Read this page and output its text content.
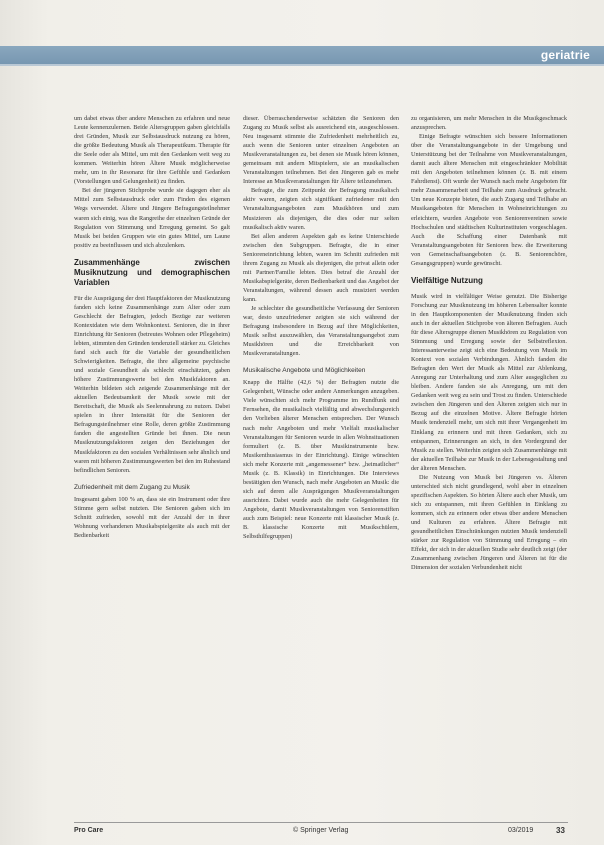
geriatrie

um dabei etwas über andere Menschen zu erfahren und neue Leute kennenzulernen. Beide Altersgruppen gaben gleichfalls drei Gründen, Musik zur Selbstausdruck nutzung zu hören, die größte Bedeutung Musik als Therapeutikum. Therapie für die Seele oder als Mittel, um mit den Gedanken weit weg zu kommen. Weiterhin hören Ältere Musik möglicherweise mehr, um in ihr Resonanz für ihre Gefühle und Gedanken (Vorstellungen und Gelungenheit) zu finden.

Bei der jüngeren Stichprobe wurde sie dagegen eher als Mittel zum Selbstausdruck oder zum Finden des eigenen Wegs verwendet. Ältere und Jüngere Befragungsteilnehmer waren sich einig, was die Rangreihe der einzelnen Gründe der Regulation von Stimmung und Erregung gemeint. So galt Musik bei beiden Gruppen wie ein gutes Mittel, um Laune positiv zu beeinflussen und sich abzulenken.

Zusammenhänge zwischen Musiknutzung und demographischen Variablen

Für die Ausprägung der drei Hauptfaktoren der Musiknutzung fanden sich keine Zusammenhänge zum Alter oder zum Geschlecht der Befragten, jedoch Bezüge zur weiteren Kontextdaten wie dem Wohnkontext. Senioren, die in ihrer Einrichtung für Senioren (betreutes Wohnen oder Pflegeheim) lebten, stimmten den Gründen tendenziell stärker zu. Gleiches fand sich auch für die Variable der gesundheitlichen Schwierigkeiten. Befragte, die ihre allgemeine psychische und soziale Gesundheit als schlecht einschätzten, gaben höhere Zustimmungswerte bei den Musikfaktoren an. Weiterhin bildeten sich zeigende Zusammenhänge mit der aktuellen Bedeutsamkeit der Musik sowie mit der Bereitschaft, die Musik als Seelennahrung zu nutzen. Dabei spielen in ihrer Intensität für die Senioren der Befragungsteilnehmer eine Rolle, deren größte Zustimmung fanden die angestellten Gründe bei ihnen. Die neun Musiknutzungsfaktoren zeigen den Beziehungen der Musikfaktoren zu den sozialen Verhältnissen sehr ähnlich und waren mit höheren Zustimmungswerten bei den im Ruhestand befindlichen Senioren.

Zufriedenheit mit dem Zugang zu Musik

Insgesamt gaben 100 % an, dass sie ein Instrument oder ihre Stimme gern selbst nutzten. Die Senioren gaben sich im Schnitt zufrieden, sowohl mit der Anzahl der in ihrer Wohnung vorhandenen Musikabspielgeräte als auch mit der Bedienbarkeit

dieser. Überraschenderweise schätzten die Senioren den Zugang zu Musik selbst als ausreichend ein, ausgeschlossen. Neu insgesamt stimmte die Zufriedenheit mehrheitlich zu, auch wenn die Senioren unter einzelnen Angeboten an Musikveranstaltungen zu, bei denen sie Musik hören können, gemeinsam mit andern Mitspielern, sie an musikalischen Veranstaltungen teilnehmen. Bei den Jüngeren gab es mehr Interesse an Musikveranstaltungen für Ältere teilzunehmen.

Befragte, die zum Zeitpunkt der Befragung musikalisch aktiv waren, zeigten sich signifikant zufriedener mit den Veranstaltungsangeboten zum Musikhören und zum Musizieren als diejenigen, die dies oder nur selten musikalisch aktiv waren.

Bei allen anderen Aspekten gab es keine Unterschiede zwischen den Subgruppen. Befragte, die in einer Senioreneinrichtung lebten, waren im Schnitt zufrieden mit ihrem Zugang zu Musik als diejenigen, die privat allein oder mit Partner/Familie lebten. Dies betraf die Anzahl der Musikabspielgeräte, deren Bedienbarkeit und das Angebot der Veranstaltungen, während dessen auch musiziert werden kann.

Je schlechter die gesundheitliche Verfassung der Senioren war, desto unzufriedener zeigten sie sich während der Befragung insbesondere in Bezug auf ihre Möglichkeiten, Musik selbst auszuwählen, das Veranstaltungsangebot zum Musikhören und die Erreichbarkeit von Musikveranstaltungen.

Musikalische Angebote und Möglichkeiten

Knapp die Hälfte (42,6 %) der Befragten nutzte die Gelegenheit, Wünsche oder andere Anmerkungen anzugeben. Viele wünschten sich mehr Programme im Rundfunk und Fernsehen, die musikalisch vielfältig und abwechslungsreich den Vorlieben älterer Menschen entsprechen. Der Wunsch nach mehr Angeboten und mehr Vielfalt musikalischer Veranstaltungen für Senioren wurde in allen Wohnsituationen formuliert (z. B. über Musikinstrumente bzw. Musikenthusiasmus in der Einrichtung). Einige wünschten sich mehr Konzerte mit „angemessener“ bzw. „heimatlicher“ Musik (z. B. Klassik) in Einrichtungen. Die Interviews bestätigten den Wunsch, nach mehr Angeboten an Musik: die sich auf deren alle Ausprägungen Musikveranstaltungen ausrichten. Dabei wurde auch die mehr Gelegenheiten für Angebote, damit Musikveranstaltungen von Seniorenstiften auch zum Beispiel: neue Konzerte mit klassischer Musik (z. B. klassische Konzerte mit Musikschülern, Selbsthilfegruppen)

zu organisieren, um mehr Menschen in die Musikgeschmack anzusprechen.

Einige Befragte wünschten sich bessere Informationen über die Veranstaltungsangebote in der Umgebung und Unterstützung bei der Teilnahme von Musikveranstaltungen, damit auch ältere Menschen mit eingeschränkter Mobilität mit den Angeboten teilnehmen können (z. B. mit einem Fahrdienst). Oft wurde der Wunsch nach mehr Angeboten für mehr Zusammenarbeit und Teilhabe zum Ausdruck gebracht. Um neue Konzepte bieten, die auch Zugang und Teilhabe an Musikangeboten für Menschen in Wohneinrichtungen zu erleichtern, wurden Angebote von Seniorenvereinen sowie Hochschulen und städtischen Kulturinstituten vorgeschlagen. Auch die Schaffung einer Datenbank mit Veranstaltungsangeboten für Senioren bzw. die Erweiterung von Gemeinschaftsangeboten (z. B. Seniorenchöre, Gesangsgruppen) wurde gewünscht.

Vielfältige Nutzung

Musik wird in vielfältiger Weise genutzt. Die Bisherige Forschung zur Musiknutzung im höheren Lebensalter konnte in den Hauptkomponenten der Musiknutzung finden sich auch in der aktuellen Stichprobe von älteren Befragten. Auch für diese Altersgruppe dienen Musikhören zu Regulation von Stimmung und Erregung sowie der Selbstreflexion. Interessanterweise zeigt sich eine Bedeutung von Musik im Kontext von sozialen Verbindungen. Ähnlich fanden die Befragten den Wert der Musik als Mittel zur Ablenkung, Anregung zur Unterhaltung und zum Alter ausgeglichen zu bleiben. Andere fanden sie als Anregung, um mit den Gedanken weit weg zu sein und Trost zu finden. Unterschiede zwischen den Jüngeren und den Älteren zeigten sich nur in Bezug auf die einzelnen Motive. Ältere Befragte hörten Musik tendenziell mehr, um sich mit ihrer Vergangenheit im Einklang zu erinnern und mit ihren Gedanken, sich zu entspannen, Erinnerungen an sich, in den Vordergrund der Musik zu stellen. Weiterhin zeigten sich Zusammenhänge mit der aktuellen Teilhabe zur Musik in der Lebensgestaltung und der älteren Menschen.

Die Nutzung von Musik bei Jüngeren vs. Älteren unterschied sich nicht grundlegend, wohl aber in einzelnen spezifischen Aspekten. So hörten Ältere auch eher Musik, um sich zu entspannen, mit ihren Gefühlen in Einklang zu kommen, sich zu erinnern oder etwas über andere Menschen und Kulturen zu erfahren. Ältere Befragte mit gesundheitlichen Einschränkungen nutzten Musik tendenziell stärker zur Regulation von Stimmung und Erregung – ein Effekt, der sich in der aktuellen Studie sehr deutlich zeigt (der Zusammenhang zwischen Jüngeren und Älteren ist für die Dimension der sozialen Verbundenheit nicht

Pro Care	© Springer Verlag	03/2019	33
